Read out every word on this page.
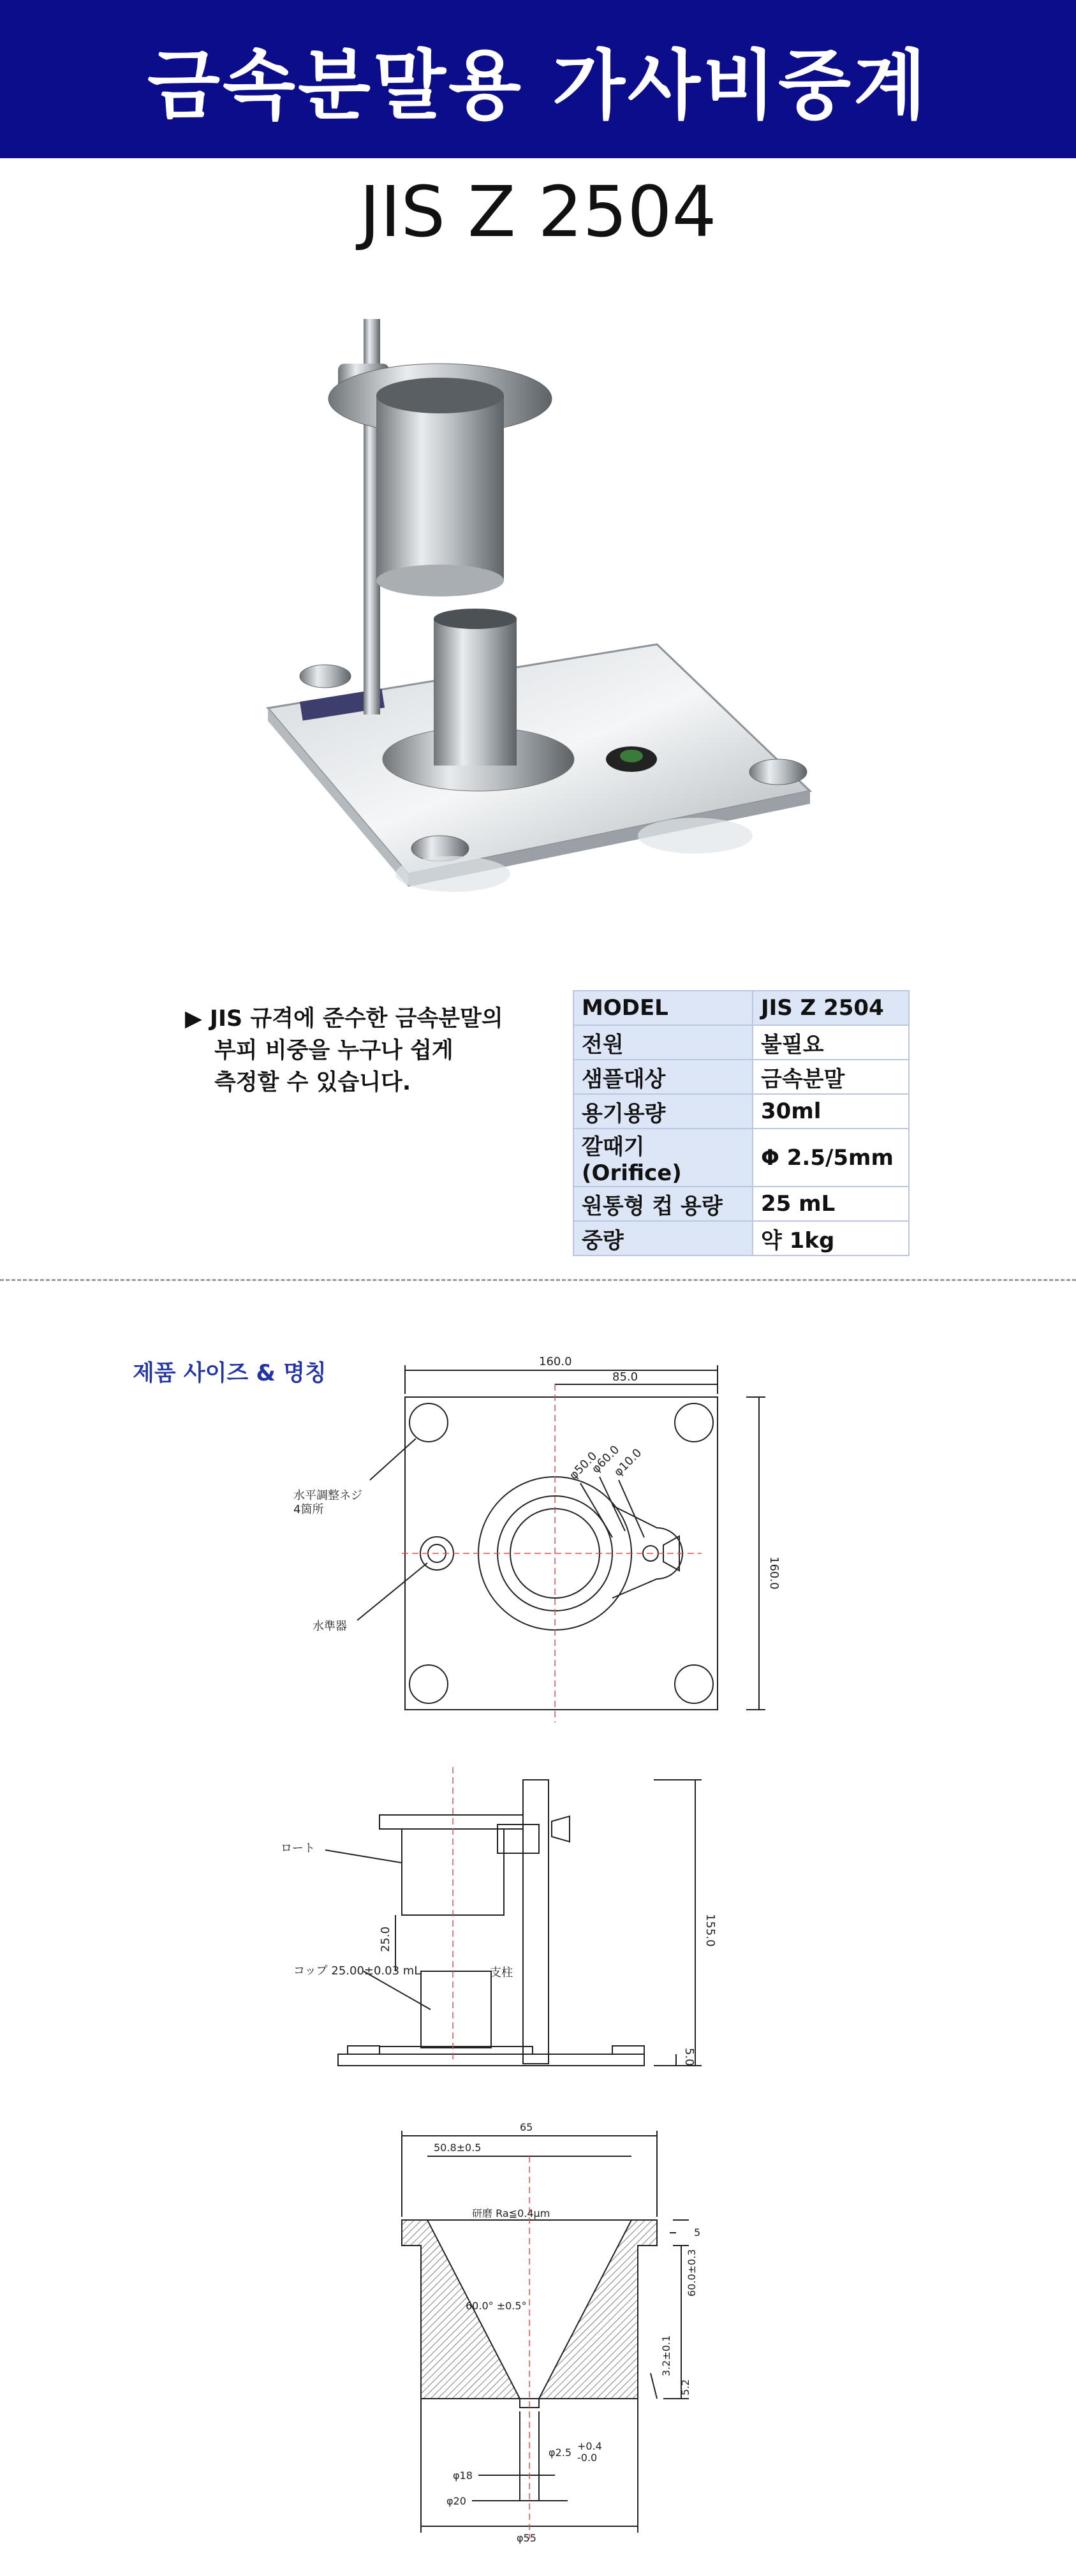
금속분말용 가사비중계
JIS Z 2504
▶ JIS 규격에 준수한 금속분말의
부피 비중을 누구나 쉽게
측정할 수 있습니다.
MODEL	JIS Z 2504
전원	불필요
샘플대상	금속분말
용기용량	30ml
깔때기(Orifice)	Φ 2.5/5mm
원통형 컵 용량	25 mL
중량	약 1kg
제품 사이즈 & 명칭	160.0
85.0
160.0
φ50.0
φ60.0
φ10.0
水平調整ネジ
4箇所
水準器
ロート
コップ 25.00±0.03 mL	支柱
155.0
25.0
5.0
65
50.8±0.5
5
研磨 Ra≦0.4μm
60.0±0.3
60.0° ±0.5°
3.2±0.1
5.2
φ2.5
+0.4
-0.0
φ18
φ20
φ55
